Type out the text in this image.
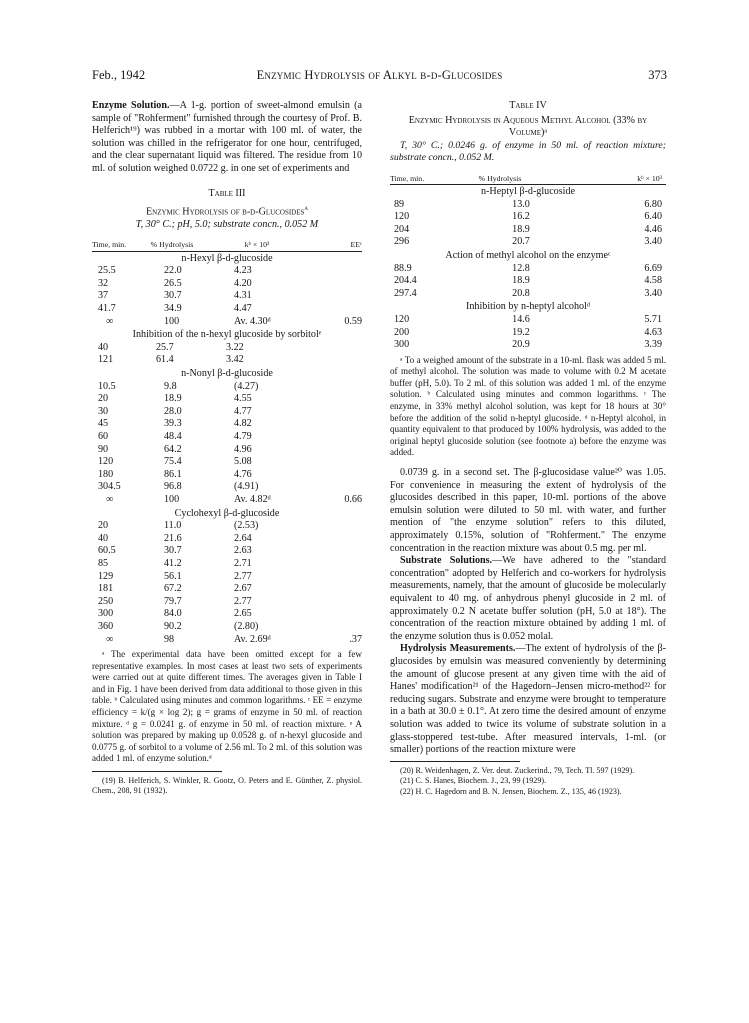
Feb., 1942	Enzymic Hydrolysis of Alkyl β-d-Glucosides	373

Enzyme Solution.—A 1-g. portion of sweet-almond emulsin (a sample of "Rohferment" furnished through the courtesy of Prof. B. Helferich¹⁹) was rubbed in a mortar with 100 ml. of water, the solution was chilled in the refrigerator for one hour, centrifuged, and the clear supernatant liquid was filtered. The residue from 10 ml. of solution weighed 0.0722 g. in one set of experiments and

Table III
Enzymic Hydrolysis of β-d-Glucosides$^a$
T, 30° C.; pH, 5.0; substrate concn., 0.052 M
Time, min.	% Hydrolysis	kᵇ × 10³	EEᶜ
n-Hexyl β-d-glucoside
25.5	22.0	4.23	
32	26.5	4.20	
37	30.7	4.31	
41.7	34.9	4.47	
∞	100	Av. 4.30ᵈ	0.59
Inhibition of the n-hexyl glucoside by sorbitolᵉ
40	25.7	3.22	
121	61.4	3.42	
n-Nonyl β-d-glucoside
10.5	9.8	(4.27)	
20	18.9	4.55	
30	28.0	4.77	
45	39.3	4.82	
60	48.4	4.79	
90	64.2	4.96	
120	75.4	5.08	
180	86.1	4.76	
304.5	96.8	(4.91)	
∞	100	Av. 4.82ᵈ	0.66
Cyclohexyl β-d-glucoside
20	11.0	(2.53)	
40	21.6	2.64	
60.5	30.7	2.63	
85	41.2	2.71	
129	56.1	2.77	
181	67.2	2.67	
250	79.7	2.77	
300	84.0	2.65	
360	90.2	(2.80)	
∞	98	Av. 2.69ᵈ	.37

ᵃ The experimental data have been omitted except for a few representative examples. In most cases at least two sets of experiments were carried out at quite different times. The averages given in Table I and in Fig. 1 have been derived from data additional to those given in this table. ᵇ Calculated using minutes and common logarithms. ᶜ EE = enzyme efficiency = k/(g × log 2); g = grams of enzyme in 50 ml. of reaction mixture. ᵈ g = 0.0241 g. of enzyme in 50 ml. of reaction mixture. ᵉ A solution was prepared by making up 0.0528 g. of n-hexyl glucoside and 0.0775 g. of sorbitol to a volume of 2.56 ml. To 2 ml. of this solution was added 1 ml. of enzyme solution.ᵈ

(19) B. Helferich, S. Winkler, R. Gootz, O. Peters and E. Günther, Z. physiol. Chem., 208, 91 (1932).

Table IV
Enzymic Hydrolysis in Aqueous Methyl Alcohol (33% by Volume)ᵃ

T, 30° C.; 0.0246 g. of enzyme in 50 ml. of reaction mixture; substrate concn., 0.052 M.

Time, min.	% Hydrolysis	kᵇ × 10³
n-Heptyl β-d-glucoside
89	13.0	6.80
120	16.2	6.40
204	18.9	4.46
296	20.7	3.40
Action of methyl alcohol on the enzymeᶜ
88.9	12.8	6.69
204.4	18.9	4.58
297.4	20.8	3.40
Inhibition by n-heptyl alcoholᵈ
120	14.6	5.71
200	19.2	4.63
300	20.9	3.39

ᵃ To a weighed amount of the substrate in a 10-ml. flask was added 5 ml. of methyl alcohol. The solution was made to volume with 0.2 M acetate buffer (pH, 5.0). To 2 ml. of this solution was added 1 ml. of the enzyme solution. ᵇ Calculated using minutes and common logarithms. ᶜ The enzyme, in 33% methyl alcohol solution, was kept for 18 hours at 30° before the addition of the solid n-heptyl glucoside. ᵈ n-Heptyl alcohol, in quantity equivalent to that produced by 100% hydrolysis, was added to the original heptyl glucoside solution (see footnote a) before the enzyme was added.

0.0739 g. in a second set. The β-glucosidase value²⁰ was 1.05. For convenience in measuring the extent of hydrolysis of the glucosides described in this paper, 10-ml. portions of the above emulsin solution were diluted to 50 ml. with water, and further mention of "the enzyme solution" refers to this diluted, approximately 0.15%, solution of "Rohferment." The enzyme concentration in the reaction mixture was about 0.5 mg. per ml.

Substrate Solutions.—We have adhered to the "standard concentration" adopted by Helferich and co-workers for hydrolysis measurements, namely, that the amount of glucoside be molecularly equivalent to 40 mg. of anhydrous phenyl glucoside in 2 ml. of approximately 0.2 N acetate buffer solution (pH, 5.0 at 18°). The concentration of the reaction mixture obtained by adding 1 ml. of the enzyme solution thus is 0.052 molal.

Hydrolysis Measurements.—The extent of hydrolysis of the β-glucosides by emulsin was measured conveniently by determining the amount of glucose present at any given time with the aid of Hanes' modification²¹ of the Hagedorn–Jensen micro-method²² for reducing sugars. Substrate and enzyme were brought to temperature in a bath at 30.0 ± 0.1°. At zero time the desired amount of enzyme solution was added to twice its volume of substrate solution in a glass-stoppered test-tube. After measured intervals, 1-ml. (or smaller) portions of the reaction mixture were

(20) R. Weidenhagen, Z. Ver. deut. Zuckerind., 79, Tech. Tl. 597 (1929).

(21) C. S. Hanes, Biochem. J., 23, 99 (1929).

(22) H. C. Hagedorn and B. N. Jensen, Biochem. Z., 135, 46 (1923).
